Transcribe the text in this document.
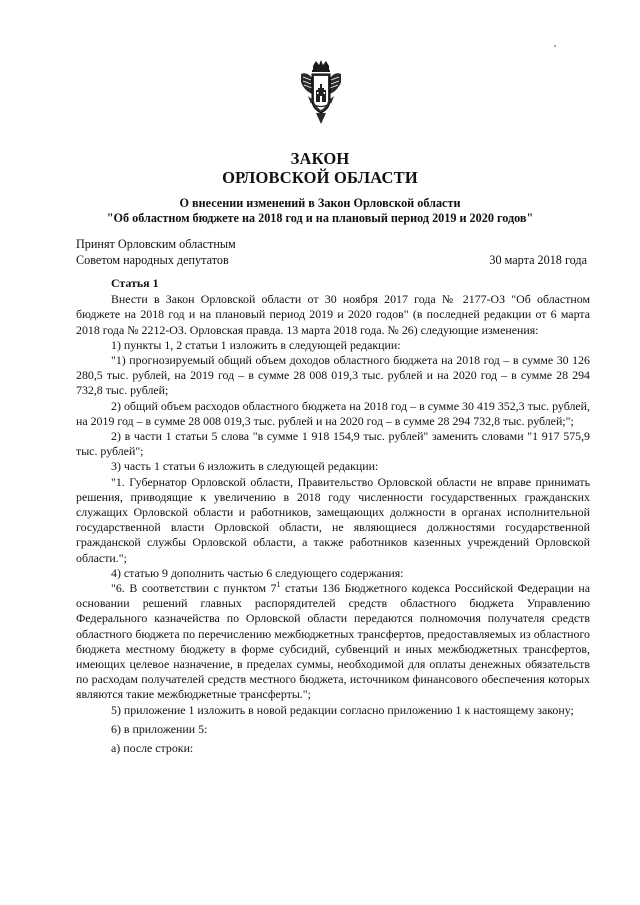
ЗАКОН
ОРЛОВСКОЙ ОБЛАСТИ
О внесении изменений в Закон Орловской области
"Об областном бюджете на 2018 год и на плановый период 2019 и 2020 годов"
Принят Орловским областным
Советом народных депутатов	30 марта 2018 года

Статья 1

Внести в Закон Орловской области от 30 ноября 2017 года № 2177-ОЗ "Об областном бюджете на 2018 год и на плановый период 2019 и 2020 годов" (в последней редакции от 6 марта 2018 года № 2212-ОЗ. Орловская правда. 13 марта 2018 года. № 26) следующие изменения:

1) пункты 1, 2 статьи 1 изложить в следующей редакции:

"1) прогнозируемый общий объем доходов областного бюджета на 2018 год – в сумме 30 126 280,5 тыс. рублей, на 2019 год – в сумме 28 008 019,3 тыс. рублей и на 2020 год – в сумме 28 294 732,8 тыс. рублей;

2) общий объем расходов областного бюджета на 2018 год – в сумме 30 419 352,3 тыс. рублей, на 2019 год – в сумме 28 008 019,3 тыс. рублей и на 2020 год – в сумме 28 294 732,8 тыс. рублей;";

2) в части 1 статьи 5 слова "в сумме 1 918 154,9 тыс. рублей" заменить словами "1 917 575,9 тыс. рублей";

3) часть 1 статьи 6 изложить в следующей редакции:

"1. Губернатор Орловской области, Правительство Орловской области не вправе принимать решения, приводящие к увеличению в 2018 году численности государственных гражданских служащих Орловской области и работников, замещающих должности в органах исполнительной государственной власти Орловской области, не являющиеся должностями государственной гражданской службы Орловской области, а также работников казенных учреждений Орловской области.";

4) статью 9 дополнить частью 6 следующего содержания:

"6. В соответствии с пунктом $7^1$ статьи 136 Бюджетного кодекса Российской Федерации на основании решений главных распорядителей средств областного бюджета Управлению Федерального казначейства по Орловской области передаются полномочия получателя средств областного бюджета по перечислению межбюджетных трансфертов, предоставляемых из областного бюджета местному бюджету в форме субсидий, субвенций и иных межбюджетных трансфертов, имеющих целевое назначение, в пределах суммы, необходимой для оплаты денежных обязательств по расходам получателей средств местного бюджета, источником финансового обеспечения которых являются такие межбюджетные трансферты.";

5) приложение 1 изложить в новой редакции согласно приложению 1 к настоящему закону;

6) в приложении 5:

а) после строки:
